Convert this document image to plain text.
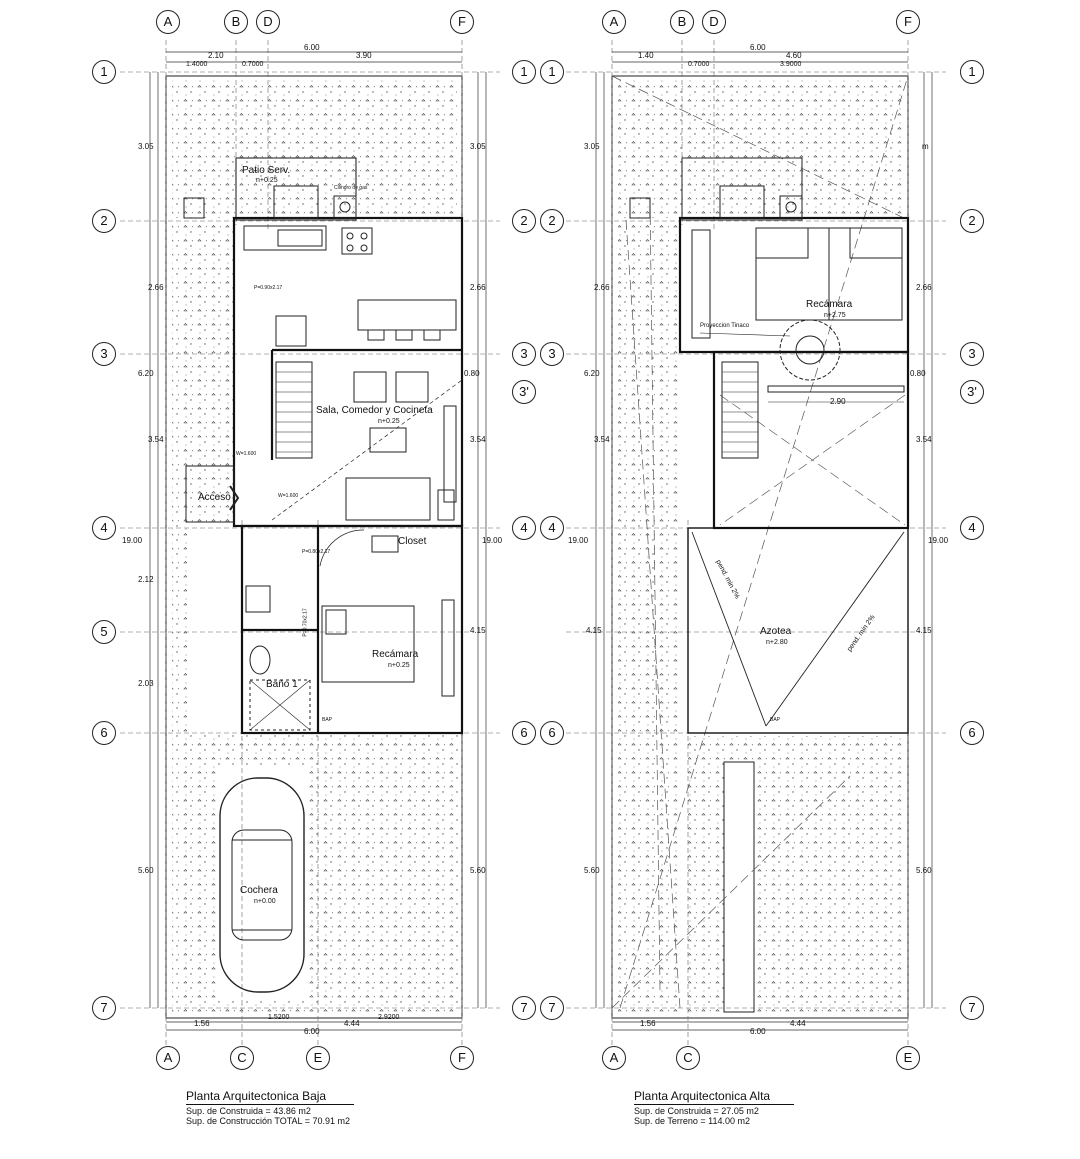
A	B	D	F
A	C	E	F
1
2
3
4
5
6
7
1
2
3
3'
4
6
7
6.00
2.10	3.90
1.4000	0.7000
1.56	4.44
6.00
1.5200	2.9200
3.05
2.66
6.20
3.54
19.00
2.12
2.03
5.60
3.05
2.66
0.80
3.54
19.00
4.15
5.60
Patio Serv.
n+0.25
Sala, Comedor y Cocineta
n+0.25
Acceso
Closet
Recámara
n+0.25
Baño 1
Cochera
n+0.00
Cilindro de gas
P=0.90x2.17
P=0.80x2.17
P=0.70x2.17
BAP
W=1.600
W=1.600
Planta Arquitectonica Baja
Sup. de Construida = 43.86 m2
Sup. de Construcción TOTAL = 70.91 m2
A	B	D	F
A	C	E
1
2
3
4
6
7
1
2
3
3'
4
6
7
6.00
1.40	4.60
0.7000	3.9000
1.56	4.44
6.00
3.05
2.66
6.20
3.54
19.00
4.15
5.60
m
2.66
0.80
3.54
19.00
4.15
5.60
Recámara
n+2.75
Azotea
n+2.80
Proyeccion Tinaco
2.90
pend. min 2%
pend. min 2%
BAP
Planta Arquitectonica Alta
Sup. de Construida = 27.05 m2
Sup. de Terreno = 114.00 m2
